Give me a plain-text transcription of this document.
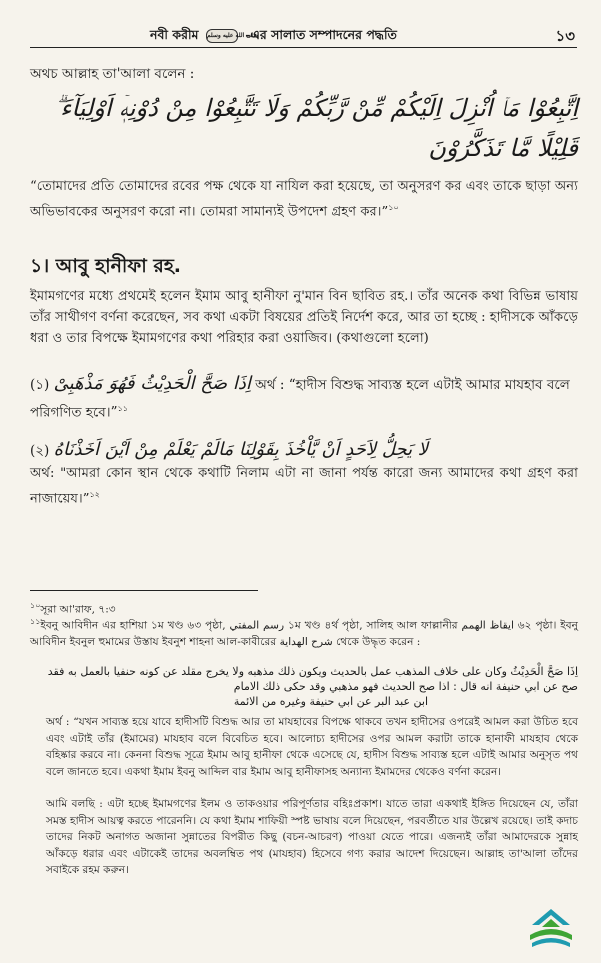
নবী করীম صلى الله عليه وسلم -এর সালাত সম্পাদনের পদ্ধতি	১৩
অথচ আল্লাহ তা'আলা বলেন :
اِتَّبِعُوْا مَاۤ اُنْزِلَ اِلَيْكُمْ مِّنْ رَّبِّكُمْ وَلَا تَتَّبِعُوْا مِنْ دُوْنِهٖۤ اَوْلِيَآءَ ۗ قَلِيْلًا مَّا تَذَكَّرُوْنَ
“তোমাদের প্রতি তোমাদের রবের পক্ষ থেকে যা নাযিল করা হয়েছে, তা অনুসরণ কর এবং তাকে ছাড়া অন্য অভিভাবকের অনুসরণ করো না। তোমরা সামান্যই উপদেশ গ্রহণ কর।”$^{১০}$
১। আবু হানীফা রহ.
ইমামগণের মধ্যে প্রথমেই হলেন ইমাম আবু হানীফা নু'মান বিন ছাবিত রহ.। তাঁর অনেক কথা বিভিন্ন ভাষায় তাঁর সাথীগণ বর্ণনা করেছেন, সব কথা একটা বিষয়ের প্রতিই নির্দেশ করে, আর তা হচ্ছে : হাদীসকে আঁকড়ে ধরা ও তার বিপক্ষে ইমামগণের কথা পরিহার করা ওয়াজিব। (কথাগুলো হলো)
(১) اِذَا صَحَّ الْحَدِيْثُ فَهُوَ مَذْهَبِىْ অর্থ : “হাদীস বিশুদ্ধ সাব্যস্ত হলে এটাই আমার মাযহাব বলে পরিগণিত হবে।”$^{১১}$
(২) لَا يَحِلُّ لِاَحَدٍ اَنْ يَّاْخُذَ بِقَوْلِنَا مَالَمْ يَعْلَمْ مِنْ اَيْنَ اَخَذْنَاهُ
অর্থ: "আমরা কোন স্থান থেকে কথাটি নিলাম এটা না জানা পর্যন্ত কারো জন্য আমাদের কথা গ্রহণ করা নাজায়েয।”$^{১২}$
$^{১০}$সূরা আ'রাফ, ৭:৩
$^{১১}$ইবনু আবিদীন এর হাশিয়া ১ম খণ্ড ৬৩ পৃষ্ঠা, رسم المفتي ১ম খণ্ড ৪র্থ পৃষ্ঠা, সালিহ আল ফাল্লানীর ايقاظ الهمم ৬২ পৃষ্ঠা। ইবনু আবিদীন ইবনুল হুমামের উস্তায ইবনুশ শাহনা আল-কাবীরের شرح الهداية থেকে উদ্ধৃত করেন :
اِذَا صَحَّ الْحَدِيْثُ وكان على خلاف المذهب عمل بالحديث ويكون ذلك مذهبه ولا يخرج مقلد عن كونه حنفيا بالعمل به فقد صح عن ابي حنيفة انه قال : اذا صح الحديث فهو مذهبي وقد حكى ذلك الامام
ابن عبد البر عن ابي حنيفة وغيره من الائمة
অর্থ : “যখন সাব্যস্ত হয়ে যাবে হাদীসটি বিশুদ্ধ আর তা মাযহাবের বিপক্ষে থাকবে তখন হাদীসের ওপরেই আমল করা উচিত হবে এবং এটাই তাঁর (ইমামের) মাযহাব বলে বিবেচিত হবে। আলোচ্য হাদীসের ওপর আমল করাটা তাকে হানাফী মাযহাব থেকে বহিষ্কার করবে না। কেননা বিশুদ্ধ সূত্রে ইমাম আবু হানীফা থেকে এসেছে যে, হাদীস বিশুদ্ধ সাব্যস্ত হলে এটাই আমার অনুসৃত পথ বলে জানতে হবে। একথা ইমাম ইবনু আব্দিল বার ইমাম আবু হানীফাসহ অন্যান্য ইমামদের থেকেও বর্ণনা করেন।
আমি বলছি : এটা হচ্ছে ইমামগণের ইলম ও তাকওয়ার পরিপূর্ণতার বহিঃপ্রকাশ। যাতে তারা একথাই ইঙ্গিত দিয়েছেন যে, তাঁরা সমস্ত হাদীস আয়ত্ব করতে পারেননি। যে কথা ইমাম শাফিয়ী স্পষ্ট ভাষায় বলে দিয়েছেন, পরবর্তীতে যার উল্লেখ রয়েছে। তাই কদাচ তাদের নিকট অনাগত অজানা সুন্নাতের বিপরীত কিছু (বচন-আচরণ) পাওয়া যেতে পারে। এজন্যই তাঁরা আমাদেরকে সুন্নাহ আঁকড়ে ধরার এবং এটাকেই তাদের অবলম্বিত পথ (মাযহাব) হিসেবে গণ্য করার আদেশ দিয়েছেন। আল্লাহ তা'আলা তাঁদের সবাইকে রহম করুন।
